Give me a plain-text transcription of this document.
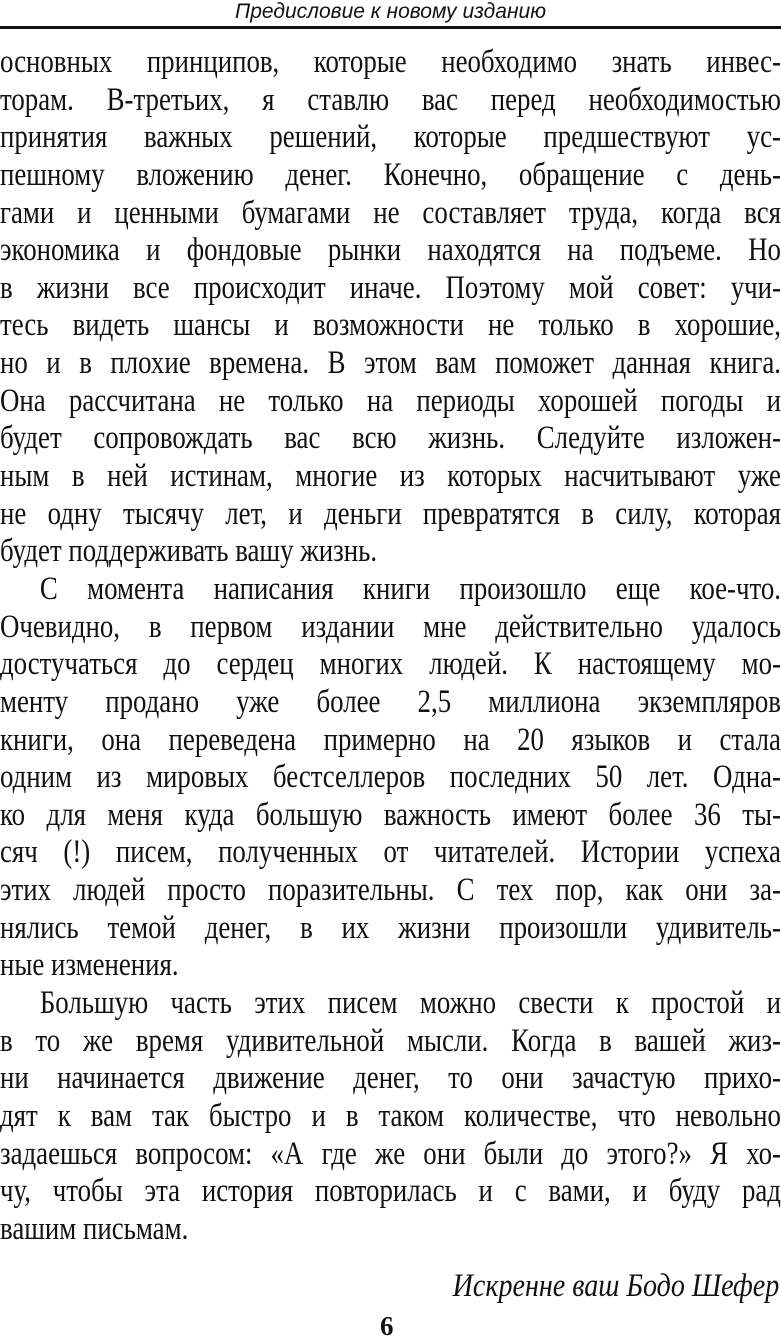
Предисловие к новому изданию
основных принципов, которые необходимо знать инвес-
торам. В-третьих, я ставлю вас перед необходимостью
принятия важных решений, которые предшествуют ус-
пешному вложению денег. Конечно, обращение с день-
гами и ценными бумагами не составляет труда, когда вся
экономика и фондовые рынки находятся на подъеме. Но
в жизни все происходит иначе. Поэтому мой совет: учи-
тесь видеть шансы и возможности не только в хорошие,
но и в плохие времена. В этом вам поможет данная книга.
Она рассчитана не только на периоды хорошей погоды и
будет сопровождать вас всю жизнь. Следуйте изложен-
ным в ней истинам, многие из которых насчитывают уже
не одну тысячу лет, и деньги превратятся в силу, которая
будет поддерживать вашу жизнь.
С момента написания книги произошло еще кое-что.
Очевидно, в первом издании мне действительно удалось
достучаться до сердец многих людей. К настоящему мо-
менту продано уже более 2,5 миллиона экземпляров
книги, она переведена примерно на 20 языков и стала
одним из мировых бестселлеров последних 50 лет. Одна-
ко для меня куда большую важность имеют более 36 ты-
сяч (!) писем, полученных от читателей. Истории успеха
этих людей просто поразительны. С тех пор, как они за-
нялись темой денег, в их жизни произошли удивитель-
ные изменения.
Большую часть этих писем можно свести к простой и
в то же время удивительной мысли. Когда в вашей жиз-
ни начинается движение денег, то они зачастую прихо-
дят к вам так быстро и в таком количестве, что невольно
задаешься вопросом: «А где же они были до этого?» Я хо-
чу, чтобы эта история повторилась и с вами, и буду рад
вашим письмам.
Искренне ваш Бодо Шефер
6
